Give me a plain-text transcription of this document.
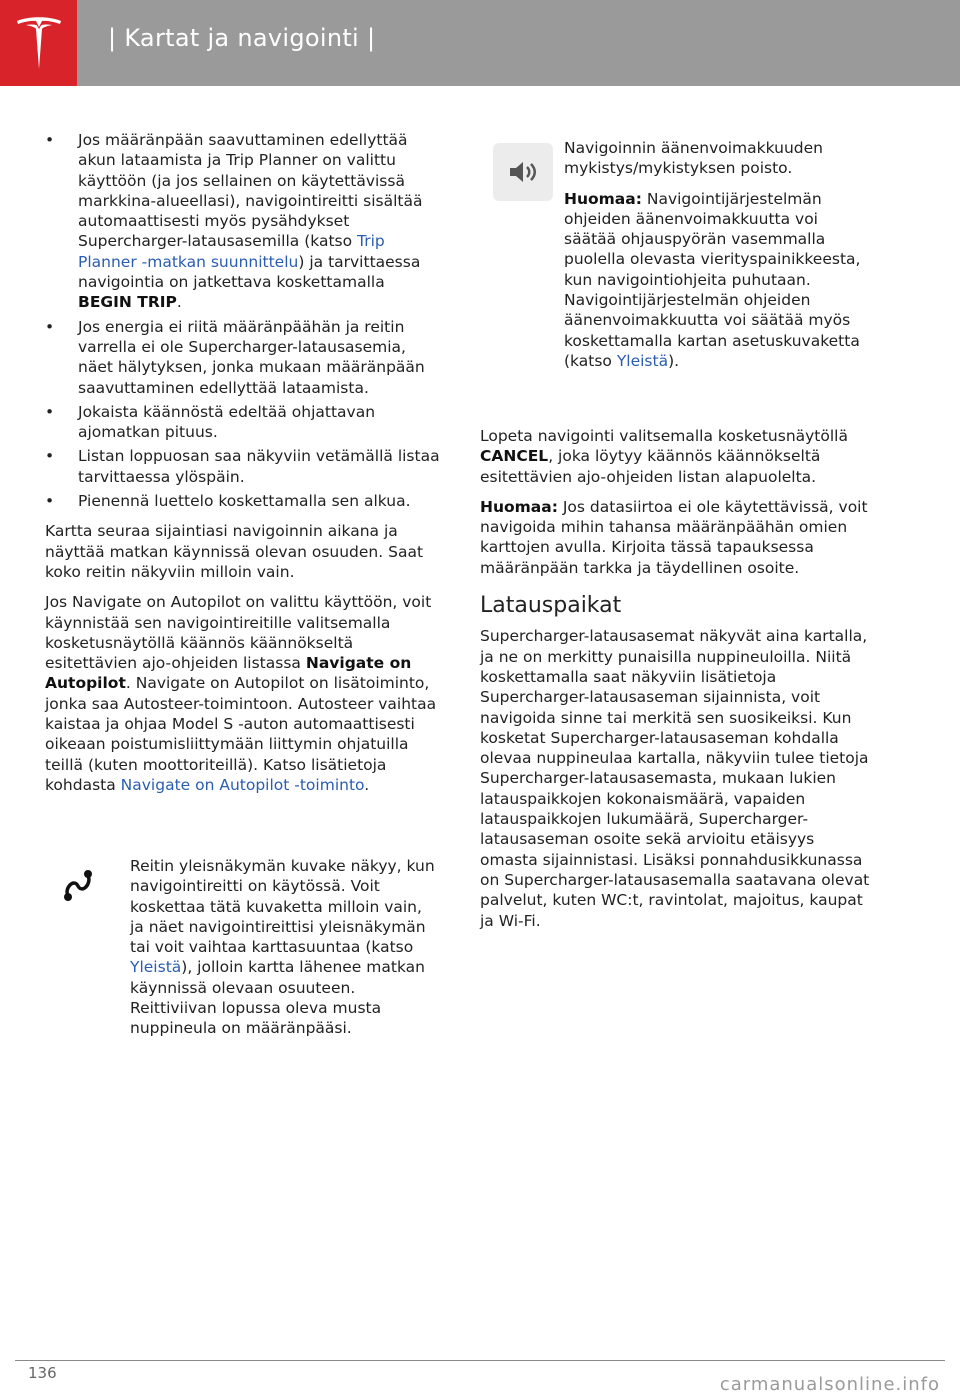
| Kartat ja navigointi |
• Jos määränpään saavuttaminen edellyttää akun lataamista ja Trip Planner on valittu käyttöön (ja jos sellainen on käytettävissä markkina-alueellasi), navigointireitti sisältää automaattisesti myös pysähdykset Supercharger-latausasemilla (katso Trip Planner -matkan suunnittelu) ja tarvittaessa navigointia on jatkettava koskettamalla BEGIN TRIP.
• Jos energia ei riitä määränpäähän ja reitin varrella ei ole Supercharger-latausasemia, näet hälytyksen, jonka mukaan määränpään saavuttaminen edellyttää lataamista.
• Jokaista käännöstä edeltää ohjattavan ajomatkan pituus.
• Listan loppuosan saa näkyviin vetämällä listaa tarvittaessa ylöspäin.
• Pienennä luettelo koskettamalla sen alkua.

Kartta seuraa sijaintiasi navigoinnin aikana ja näyttää matkan käynnissä olevan osuuden. Saat koko reitin näkyviin milloin vain.

Jos Navigate on Autopilot on valittu käyttöön, voit käynnistää sen navigointireitille valitsemalla kosketusnäytöllä käännös käännökseltä esitettävien ajo-ohjeiden listassa Navigate on Autopilot. Navigate on Autopilot on lisätoiminto, jonka saa Autosteer-toimintoon. Autosteer vaihtaa kaistaa ja ohjaa Model S -auton automaattisesti oikeaan poistumisliittymään liittymin ohjatuilla teillä (kuten moottoriteillä). Katso lisätietoja kohdasta Navigate on Autopilot -toiminto.

Reitin yleisnäkymän kuvake näkyy, kun navigointireitti on käytössä. Voit koskettaa tätä kuvaketta milloin vain, ja näet navigointireittisi yleisnäkymän tai voit vaihtaa karttasuuntaa (katso Yleistä), jolloin kartta lähenee matkan käynnissä olevaan osuuteen. Reittiviivan lopussa oleva musta nuppineula on määränpääsi.

Navigoinnin äänenvoimakkuuden mykistys/mykistyksen poisto.

Huomaa: Navigointijärjestelmän ohjeiden äänenvoimakkuutta voi säätää ohjauspyörän vasemmalla puolella olevasta vierityspainikkeesta, kun navigointiohjeita puhutaan. Navigointijärjestelmän ohjeiden äänenvoimakkuutta voi säätää myös koskettamalla kartan asetuskuvaketta (katso Yleistä).

Lopeta navigointi valitsemalla kosketusnäytöllä CANCEL, joka löytyy käännös käännökseltä esitettävien ajo-ohjeiden listan alapuolelta.

Huomaa: Jos datasiirtoa ei ole käytettävissä, voit navigoida mihin tahansa määränpäähän omien karttojen avulla. Kirjoita tässä tapauksessa määränpään tarkka ja täydellinen osoite.

Latauspaikat

Supercharger-latausasemat näkyvät aina kartalla, ja ne on merkitty punaisilla nuppineuloilla. Niitä koskettamalla saat näkyviin lisätietoja Supercharger-latausaseman sijainnista, voit navigoida sinne tai merkitä sen suosikeiksi. Kun kosketat Supercharger-latausaseman kohdalla olevaa nuppineulaa kartalla, näkyviin tulee tietoja Supercharger-latausasemasta, mukaan lukien latauspaikkojen kokonaismäärä, vapaiden latauspaikkojen lukumäärä, Supercharger-latausaseman osoite sekä arvioitu etäisyys omasta sijainnistasi. Lisäksi ponnahdusikkunassa on Supercharger-latausasemalla saatavana olevat palvelut, kuten WC:t, ravintolat, majoitus, kaupat ja Wi-Fi.

136
carmanualsonline.info
